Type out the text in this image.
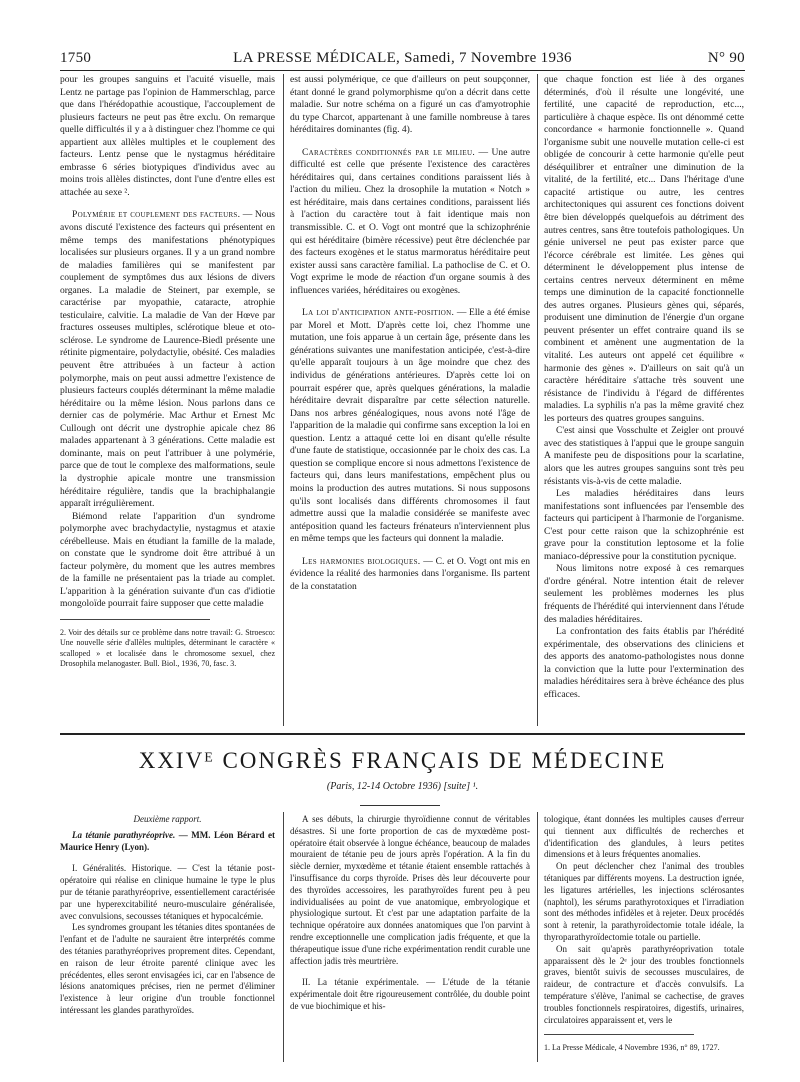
1750	LA PRESSE MÉDICALE, Samedi, 7 Novembre 1936	N° 90

pour les groupes sanguins et l'acuité visuelle, mais Lentz ne partage pas l'opinion de Hammerschlag, parce que dans l'hérédopathie acoustique, l'accouplement de plusieurs facteurs ne peut pas être exclu. On remarque quelle difficultés il y a à distinguer chez l'homme ce qui appartient aux allèles multiples et le couplement des facteurs. Lentz pense que le nystagmus héréditaire embrasse 6 séries biotypiques d'individus avec au moins trois allèles distinctes, dont l'une d'entre elles est attachée au sexe ².

Polymérie et couplement des facteurs. — Nous avons discuté l'existence des facteurs qui présentent en même temps des manifestations phénotypiques localisées sur plusieurs organes. Il y a un grand nombre de maladies familières qui se manifestent par couplement de symptômes dus aux lésions de divers organes. La maladie de Steinert, par exemple, se caractérise par myopathie, cataracte, atrophie testiculaire, calvitie. La maladie de Van der Hœve par fractures osseuses multiples, sclérotique bleue et oto-sclérose. Le syndrome de Laurence-Biedl présente une rétinite pigmentaire, polydactylie, obésité. Ces maladies peuvent être attribuées à un facteur à action polymorphe, mais on peut aussi admettre l'existence de plusieurs facteurs couplés déterminant la même maladie héréditaire ou la même lésion. Nous parlons dans ce dernier cas de polymérie. Mac Arthur et Ernest Mc Cullough ont décrit une dystrophie apicale chez 86 malades appartenant à 3 générations. Cette maladie est dominante, mais on peut l'attribuer à une polymérie, parce que de tout le complexe des malformations, seule la dystrophie apicale montre une transmission héréditaire régulière, tandis que la brachiphalangie apparaît irrégulièrement.

Biémond relate l'apparition d'un syndrome polymorphe avec brachydactylie, nystagmus et ataxie cérébelleuse. Mais en étudiant la famille de la malade, on constate que le syndrome doit être attribué à un facteur polymère, du moment que les autres membres de la famille ne présentaient pas la triade au complet. L'apparition à la génération suivante d'un cas d'idiotie mongoloïde pourrait faire supposer que cette maladie

2. Voir des détails sur ce problème dans notre travail: G. Stroesco: Une nouvelle série d'allèles multiples, déterminant le caractère « scalloped » et localisée dans le chromosome sexuel, chez Drosophila melanogaster. Bull. Biol., 1936, 70, fasc. 3.

est aussi polymérique, ce que d'ailleurs on peut soupçonner, étant donné le grand polymorphisme qu'on a décrit dans cette maladie. Sur notre schéma on a figuré un cas d'amyotrophie du type Charcot, appartenant à une famille nombreuse à tares héréditaires dominantes (fig. 4).

Caractères conditionnés par le milieu. — Une autre difficulté est celle que présente l'existence des caractères héréditaires qui, dans certaines conditions paraissent liés à l'action du milieu. Chez la drosophile la mutation « Notch » est héréditaire, mais dans certaines conditions, paraissent liés à l'action du caractère tout à fait identique mais non transmissible. C. et O. Vogt ont montré que la schizophrénie qui est héréditaire (bimère récessive) peut être déclenchée par des facteurs exogènes et le status marmoratus héréditaire peut exister aussi sans caractère familial. La pathoclise de C. et O. Vogt exprime le mode de réaction d'un organe soumis à des influences variées, héréditaires ou exogènes.

La loi d'anticipation ante-position. — Elle a été émise par Morel et Mott. D'après cette loi, chez l'homme une mutation, une fois apparue à un certain âge, présente dans les générations suivantes une manifestation anticipée, c'est-à-dire qu'elle apparaît toujours à un âge moindre que chez des individus de générations antérieures. D'après cette loi on pourrait espérer que, après quelques générations, la maladie héréditaire devrait disparaître par cette sélection naturelle. Dans nos arbres généalogiques, nous avons noté l'âge de l'apparition de la maladie qui confirme sans exception la loi en question. Lentz a attaqué cette loi en disant qu'elle résulte d'une faute de statistique, occasionnée par le choix des cas. La question se complique encore si nous admettons l'existence de facteurs qui, dans leurs manifestations, empêchent plus ou moins la production des autres mutations. Si nous supposons qu'ils sont localisés dans différents chromosomes il faut admettre aussi que la maladie considérée se manifeste avec antéposition quand les facteurs frénateurs n'interviennent plus en même temps que les facteurs qui donnent la maladie.

Les harmonies biologiques. — C. et O. Vogt ont mis en évidence la réalité des harmonies dans l'organisme. Ils partent de la constatation

que chaque fonction est liée à des organes déterminés, d'où il résulte une longévité, une fertilité, une capacité de reproduction, etc..., particulière à chaque espèce. Ils ont dénommé cette concordance « harmonie fonctionnelle ». Quand l'organisme subit une nouvelle mutation celle-ci est obligée de concourir à cette harmonie qu'elle peut déséquilibrer et entraîner une diminution de la vitalité, de la fertilité, etc... Dans l'héritage d'une capacité artistique ou autre, les centres architectoniques qui assurent ces fonctions doivent être bien développés quelquefois au détriment des autres centres, sans être toutefois pathologiques. Un génie universel ne peut pas exister parce que l'écorce cérébrale est limitée. Les gènes qui déterminent le développement plus intense de certains centres nerveux déterminent en même temps une diminution de la capacité fonctionnelle des autres organes. Plusieurs gènes qui, séparés, produisent une diminution de l'énergie d'un organe peuvent présenter un effet contraire quand ils se combinent et amènent une augmentation de la vitalité. Les auteurs ont appelé cet équilibre « harmonie des gènes ». D'ailleurs on sait qu'à un caractère héréditaire s'attache très souvent une résistance de l'individu à l'égard de différentes maladies. La syphilis n'a pas la même gravité chez les porteurs des quatres groupes sanguins.

C'est ainsi que Vosschulte et Zeigler ont prouvé avec des statistiques à l'appui que le groupe sanguin A manifeste peu de dispositions pour la scarlatine, alors que les autres groupes sanguins sont très peu résistants vis-à-vis de cette maladie.

Les maladies héréditaires dans leurs manifestations sont influencées par l'ensemble des facteurs qui participent à l'harmonie de l'organisme. C'est pour cette raison que la schizophrénie est grave pour la constitution leptosome et la folie maniaco-dépressive pour la constitution pycnique.

Nous limitons notre exposé à ces remarques d'ordre général. Notre intention était de relever seulement les problèmes modernes les plus fréquents de l'hérédité qui interviennent dans l'étude des maladies héréditaires.

La confrontation des faits établis par l'hérédité expérimentale, des observations des cliniciens et des apports des anatomo-pathologistes nous donne la conviction que la lutte pour l'extermination des maladies héréditaires sera à brève échéance des plus efficaces.

XXIVᴱ CONGRÈS FRANÇAIS DE MÉDECINE
(Paris, 12-14 Octobre 1936) [suite] ¹.

Deuxième rapport.

La tétanie parathyréoprive. — MM. Léon Bérard et Maurice Henry (Lyon).

I. Généralités. Historique. — C'est la tétanie post-opératoire qui réalise en clinique humaine le type le plus pur de tétanie parathyréoprive, essentiellement caractérisée par une hyperexcitabilité neuro-musculaire généralisée, avec convulsions, secousses tétaniques et hypocalcémie.

Les syndromes groupant les tétanies dites spontanées de l'enfant et de l'adulte ne sauraient être interprétés comme des tétanies parathyréoprives proprement dites. Cependant, en raison de leur étroite parenté clinique avec les précédentes, elles seront envisagées ici, car en l'absence de lésions anatomiques précises, rien ne permet d'éliminer l'existence à leur origine d'un trouble fonctionnel intéressant les glandes parathyroïdes.

A ses débuts, la chirurgie thyroïdienne connut de véritables désastres. Si une forte proportion de cas de myxœdème post-opératoire était observée à longue échéance, beaucoup de malades mouraient de tétanie peu de jours après l'opération. A la fin du siècle dernier, myxœdème et tétanie étaient ensemble rattachés à l'insuffisance du corps thyroïde. Prises dès leur découverte pour des thyroïdes accessoires, les parathyroïdes furent peu à peu individualisées au point de vue anatomique, embryologique et physiologique surtout. Et c'est par une adaptation parfaite de la technique opératoire aux données anatomiques que l'on parvint à rendre exceptionnelle une complication jadis fréquente, et que la thérapeutique issue d'une riche expérimentation rendit curable une affection jadis très meurtrière.

II. La tétanie expérimentale. — L'étude de la tétanie expérimentale doit être rigoureusement contrôlée, du double point de vue biochimique et his-

tologique, étant données les multiples causes d'erreur qui tiennent aux difficultés de recherches et d'identification des glandules, à leurs petites dimensions et à leurs fréquentes anomalies.

On peut déclencher chez l'animal des troubles tétaniques par différents moyens. La destruction ignée, les ligatures artérielles, les injections sclérosantes (naphtol), les sérums parathyrotoxiques et l'irradiation sont des méthodes infidèles et à rejeter. Deux procédés sont à retenir, la parathyroïdectomie totale idéale, la thyroparathyroïdectomie totale ou partielle.

On sait qu'après parathyréoprivation totale apparaissent dès le 2ᵉ jour des troubles fonctionnels graves, bientôt suivis de secousses musculaires, de raideur, de contracture et d'accès convulsifs. La température s'élève, l'animal se cachectise, de graves troubles fonctionnels respiratoires, digestifs, urinaires, circulatoires apparaissent et, vers le

1. La Presse Médicale, 4 Novembre 1936, n° 89, 1727.
